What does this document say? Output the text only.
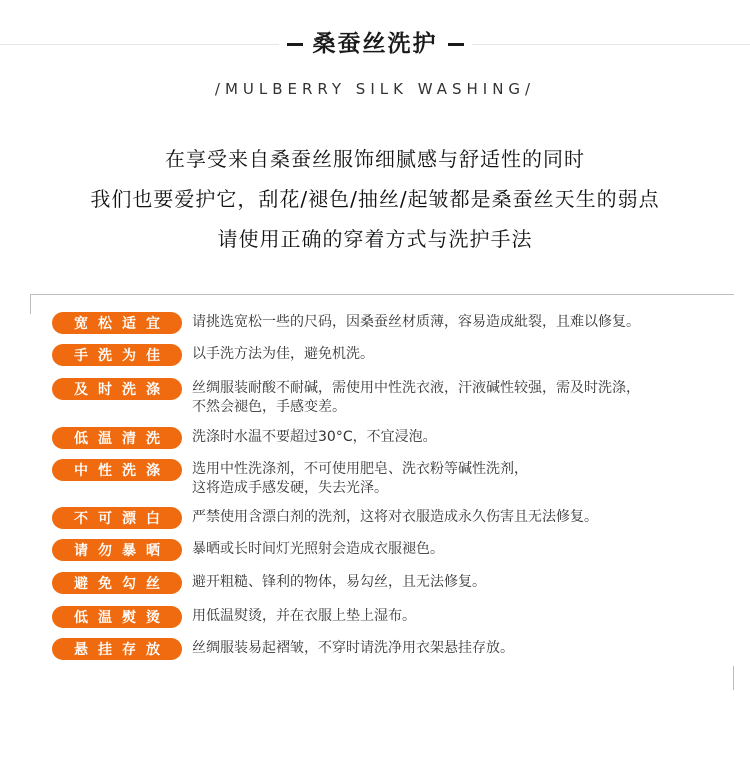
桑蚕丝洗护
/MULBERRY SILK WASHING/
在享受来自桑蚕丝服饰细腻感与舒适性的同时
我们也要爱护它，刮花/褪色/抽丝/起皱都是桑蚕丝天生的弱点
请使用正确的穿着方式与洗护手法
宽松适宜	请挑选宽松一些的尺码，因桑蚕丝材质薄，容易造成紕裂，且难以修复。
手洗为佳	以手洗方法为佳，避免机洗。
及时洗涤	丝绸服装耐酸不耐碱，需使用中性洗衣液，汗液碱性较强，需及时洗涤，
不然会褪色，手感变差。
低温清洗	洗涤时水温不要超过30°C，不宜浸泡。
中性洗涤	选用中性洗涤剂，不可使用肥皂、洗衣粉等碱性洗剂，
这将造成手感发硬，失去光泽。
不可漂白	严禁使用含漂白剂的洗剂，这将对衣服造成永久伤害且无法修复。
请勿暴晒	暴晒或长时间灯光照射会造成衣服褪色。
避免勾丝	避开粗糙、锋利的物体，易勾丝，且无法修复。
低温熨烫	用低温熨烫，并在衣服上垫上湿布。
悬挂存放	丝绸服装易起褶皱，不穿时请洗净用衣架悬挂存放。
